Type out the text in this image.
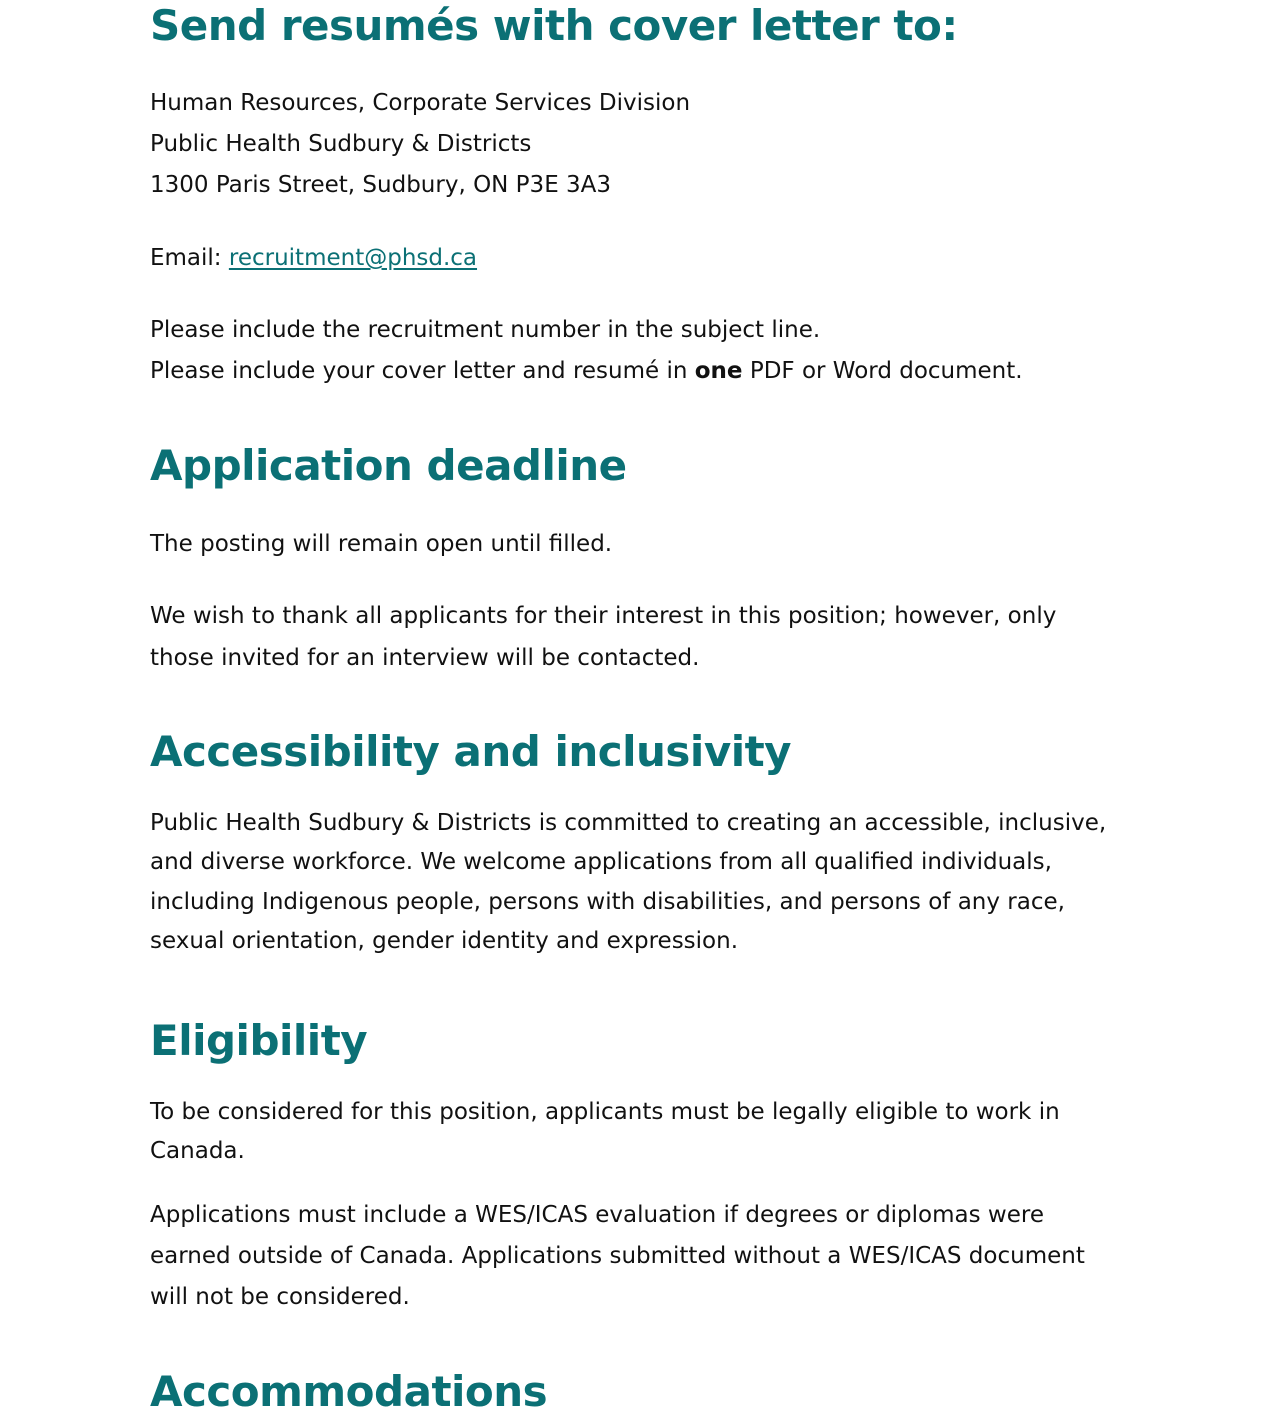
Send resumés with cover letter to:
Human Resources, Corporate Services Division
Public Health Sudbury & Districts
1300 Paris Street, Sudbury, ON P3E 3A3
Email: recruitment@phsd.ca
Please include the recruitment number in the subject line.
Please include your cover letter and resumé in one PDF or Word document.
Application deadline
The posting will remain open until filled.
We wish to thank all applicants for their interest in this position; however, only
those invited for an interview will be contacted.
Accessibility and inclusivity
Public Health Sudbury & Districts is committed to creating an accessible, inclusive,
and diverse workforce. We welcome applications from all qualified individuals,
including Indigenous people, persons with disabilities, and persons of any race,
sexual orientation, gender identity and expression.
Eligibility
To be considered for this position, applicants must be legally eligible to work in
Canada.
Applications must include a WES/ICAS evaluation if degrees or diplomas were
earned outside of Canada. Applications submitted without a WES/ICAS document
will not be considered.
Accommodations
